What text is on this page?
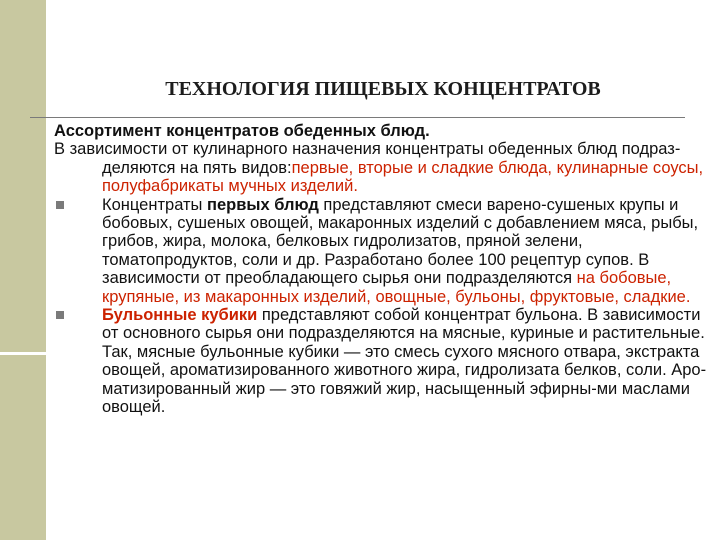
ТЕХНОЛОГИЯ ПИЩЕВЫХ КОНЦЕНТРАТОВ

Ассортимент концентратов обеденных блюд.

В зависимости от кулинарного назначения концентраты обеденных блюд подраз-деляются на пять видов:первые, вторые и сладкие блюда, кулинарные соусы, полуфабрикаты мучных изделий.

Концентраты первых блюд представляют смеси варено-сушеных крупы и бобовых, сушеных овощей, макаронных изделий с добавлением мяса, рыбы, грибов, жира, молока, белковых гидролизатов, пряной зелени, томатопродуктов, соли и др. Разработано более 100 рецептур супов. В зависимости от преобладающего сырья они подразделяются на бобовые, крупяные, из макаронных изделий, овощные, бульоны, фруктовые, сладкие.
Бульонные кубики представляют собой концентрат бульона. В зависимости от основного сырья они подразделяются на мясные, куриные и растительные. Так, мясные бульонные кубики — это смесь сухого мясного отвара, экстракта овощей, ароматизированного животного жира, гидролизата белков, соли. Аро-матизированный жир — это говяжий жир, насыщенный эфирны-ми маслами овощей.
